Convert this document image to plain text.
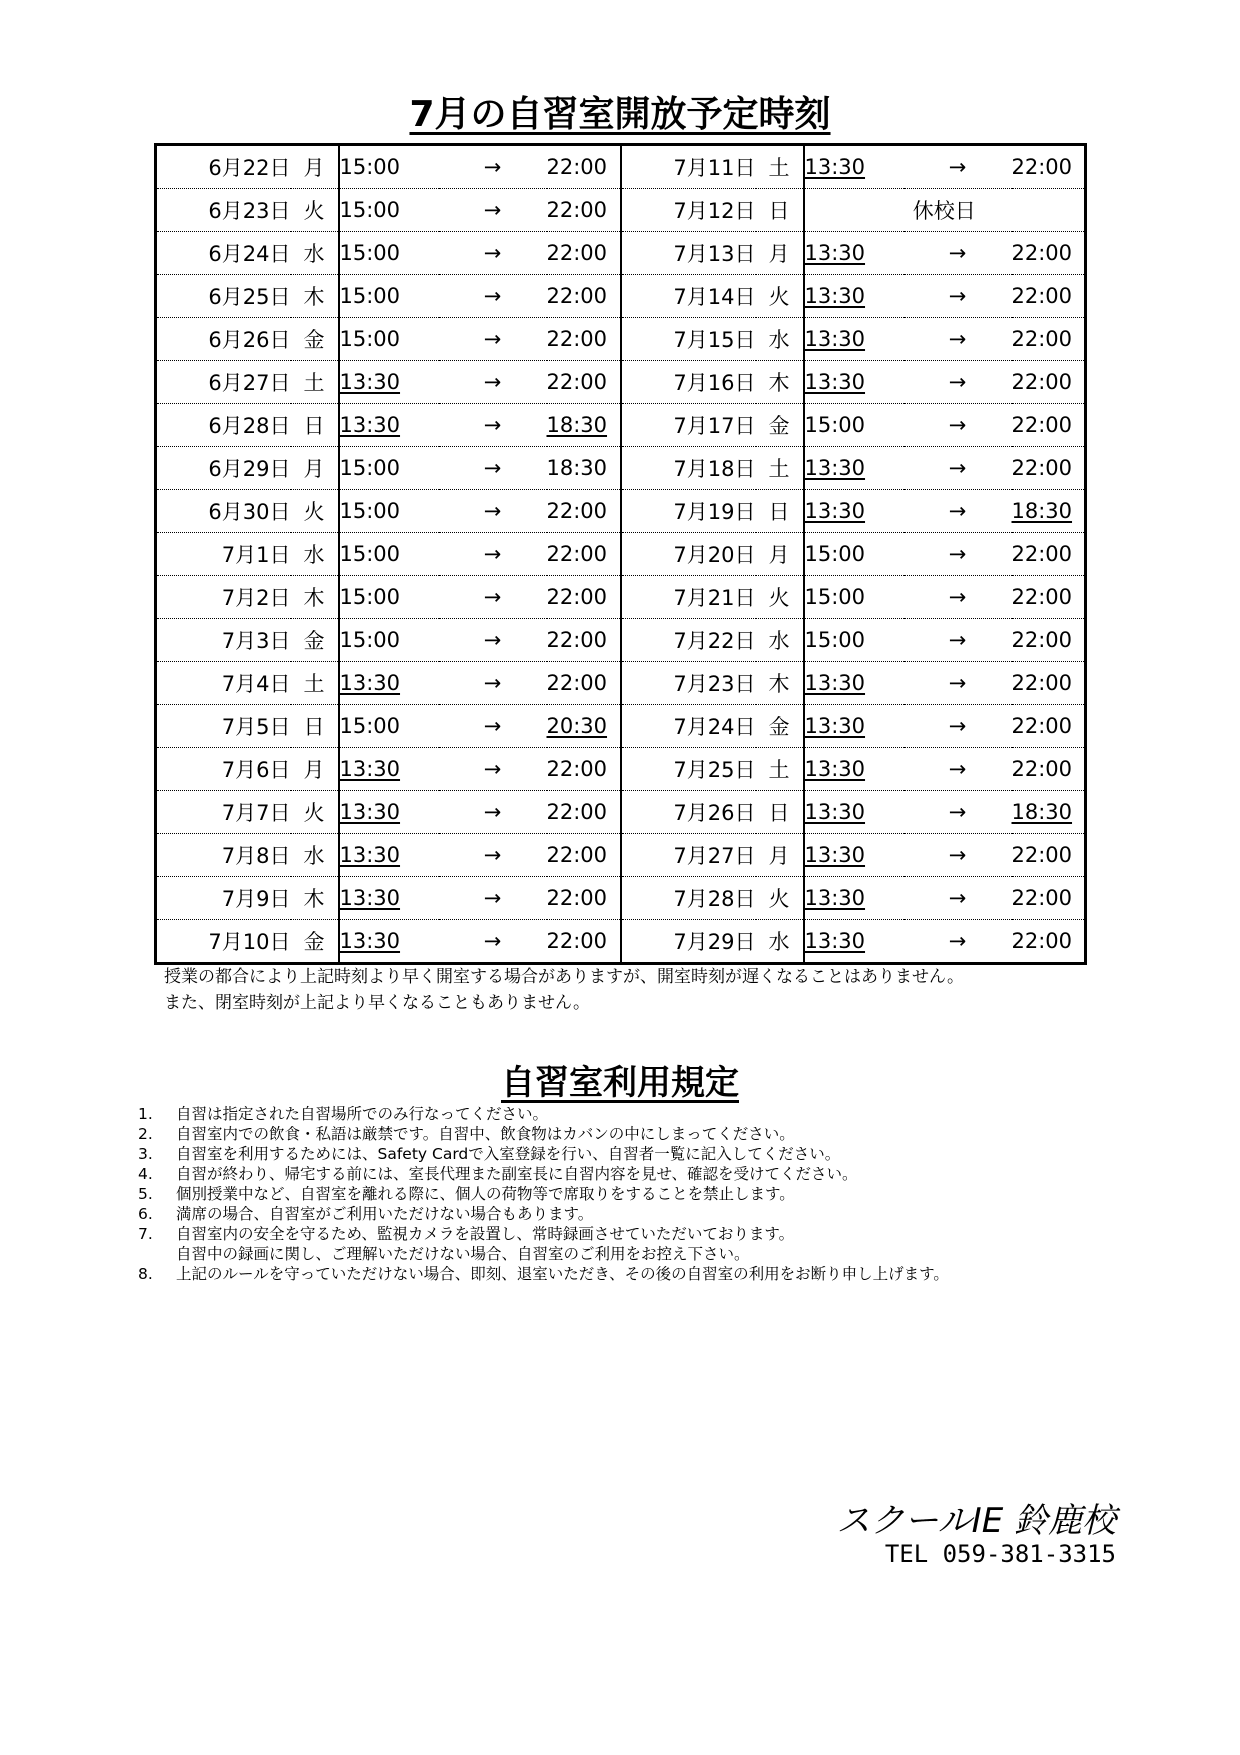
7月の自習室開放予定時刻
6月22日	月	15:00	→	22:00	7月11日	土	13:30	→	22:00
6月23日	火	15:00	→	22:00	7月12日	日	休校日		
6月24日	水	15:00	→	22:00	7月13日	月	13:30	→	22:00
6月25日	木	15:00	→	22:00	7月14日	火	13:30	→	22:00
6月26日	金	15:00	→	22:00	7月15日	水	13:30	→	22:00
6月27日	土	13:30	→	22:00	7月16日	木	13:30	→	22:00
6月28日	日	13:30	→	18:30	7月17日	金	15:00	→	22:00
6月29日	月	15:00	→	18:30	7月18日	土	13:30	→	22:00
6月30日	火	15:00	→	22:00	7月19日	日	13:30	→	18:30
7月1日	水	15:00	→	22:00	7月20日	月	15:00	→	22:00
7月2日	木	15:00	→	22:00	7月21日	火	15:00	→	22:00
7月3日	金	15:00	→	22:00	7月22日	水	15:00	→	22:00
7月4日	土	13:30	→	22:00	7月23日	木	13:30	→	22:00
7月5日	日	15:00	→	20:30	7月24日	金	13:30	→	22:00
7月6日	月	13:30	→	22:00	7月25日	土	13:30	→	22:00
7月7日	火	13:30	→	22:00	7月26日	日	13:30	→	18:30
7月8日	水	13:30	→	22:00	7月27日	月	13:30	→	22:00
7月9日	木	13:30	→	22:00	7月28日	火	13:30	→	22:00
7月10日	金	13:30	→	22:00	7月29日	水	13:30	→	22:00
授業の都合により上記時刻より早く開室する場合がありますが、開室時刻が遅くなることはありません。
また、閉室時刻が上記より早くなることもありません。
自習室利用規定
1. 自習は指定された自習場所でのみ行なってください。
2. 自習室内での飲食・私語は厳禁です。自習中、飲食物はカバンの中にしまってください。
3. 自習室を利用するためには、Safety Cardで入室登録を行い、自習者一覧に記入してください。
4. 自習が終わり、帰宅する前には、室長代理また副室長に自習内容を見せ、確認を受けてください。
5. 個別授業中など、自習室を離れる際に、個人の荷物等で席取りをすることを禁止します。
6. 満席の場合、自習室がご利用いただけない場合もあります。
7. 自習室内の安全を守るため、監視カメラを設置し、常時録画させていただいております。
自習中の録画に関し、ご理解いただけない場合、自習室のご利用をお控え下さい。
8. 上記のルールを守っていただけない場合、即刻、退室いただき、その後の自習室の利用をお断り申し上げます。
スクールIE 鈴鹿校
TEL 059-381-3315
